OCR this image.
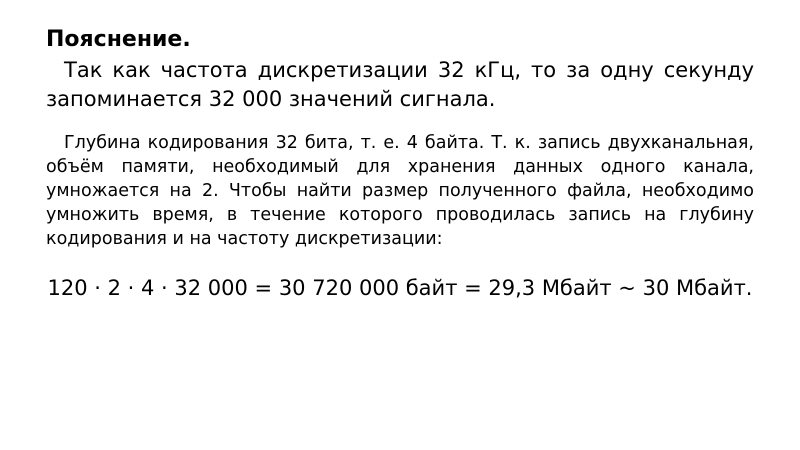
Пояснение.

Так как частота дискретизации 32 кГц, то за одну секунду запоминается 32 000 значений сигнала.

Глубина кодирования 32 бита, т. е. 4 байта. Т. к. запись двухканальная, объём памяти, необходимый для хранения данных одного канала, умножается на 2. Чтобы найти размер полученного файла, необходимо умножить время, в течение которого проводилась запись на глубину кодирования и на частоту дискретизации:

120 · 2 · 4 · 32 000 = 30 720 000 байт = 29,3 Мбайт ~ 30 Мбайт.
